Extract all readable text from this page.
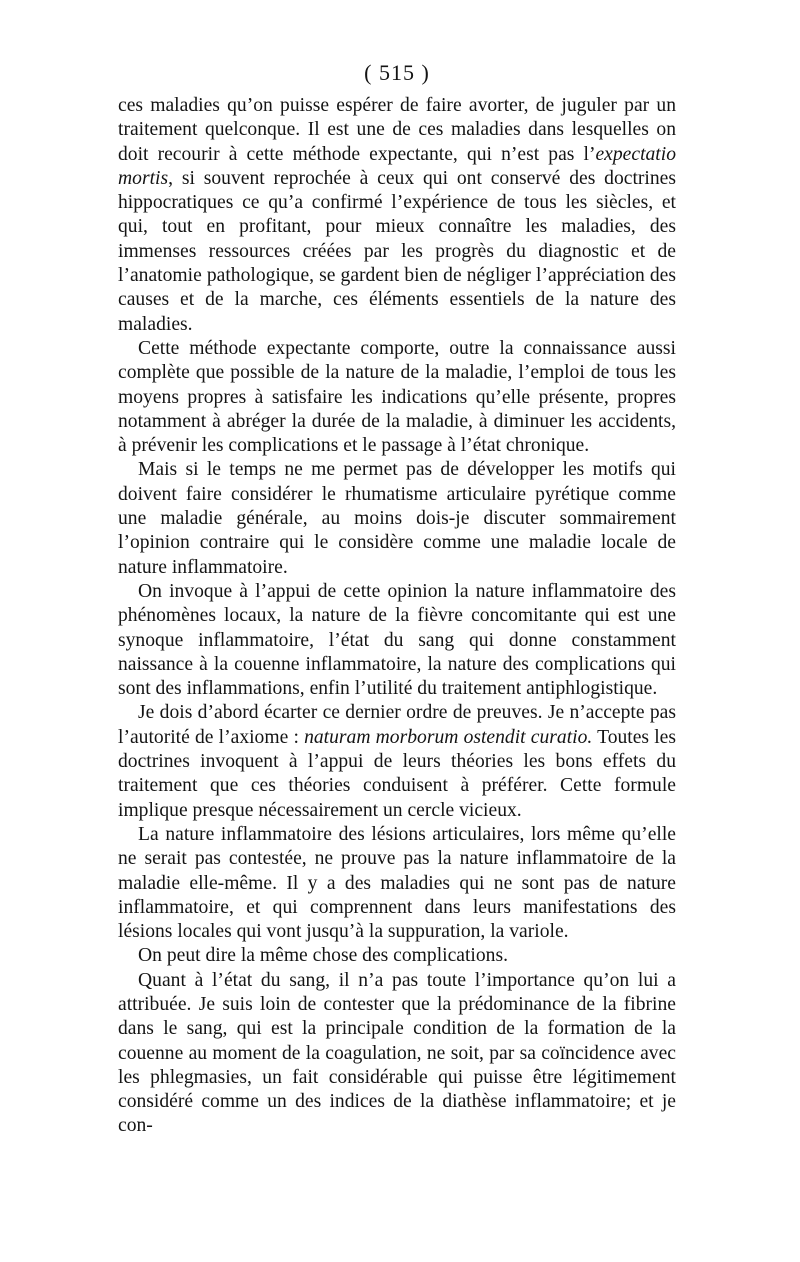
( 515 )

ces maladies qu’on puisse espérer de faire avorter, de juguler par un traitement quelconque. Il est une de ces maladies dans lesquelles on doit recourir à cette méthode expectante, qui n’est pas l’expectatio mortis, si souvent reprochée à ceux qui ont conservé des doctrines hippocratiques ce qu’a confirmé l’expérience de tous les siècles, et qui, tout en profitant, pour mieux connaître les maladies, des immenses ressources créées par les progrès du diagnostic et de l’anatomie pathologique, se gardent bien de négliger l’appréciation des causes et de la marche, ces éléments essentiels de la nature des maladies.

Cette méthode expectante comporte, outre la connaissance aussi complète que possible de la nature de la maladie, l’emploi de tous les moyens propres à satisfaire les indications qu’elle présente, propres notamment à abréger la durée de la maladie, à diminuer les accidents, à prévenir les complications et le passage à l’état chronique.

Mais si le temps ne me permet pas de développer les motifs qui doivent faire considérer le rhumatisme articulaire pyrétique comme une maladie générale, au moins dois-je discuter sommairement l’opinion contraire qui le considère comme une maladie locale de nature inflammatoire.

On invoque à l’appui de cette opinion la nature inflammatoire des phénomènes locaux, la nature de la fièvre concomitante qui est une synoque inflammatoire, l’état du sang qui donne constamment naissance à la couenne inflammatoire, la nature des complications qui sont des inflammations, enfin l’utilité du traitement antiphlogistique.

Je dois d’abord écarter ce dernier ordre de preuves. Je n’accepte pas l’autorité de l’axiome : naturam morborum ostendit curatio. Toutes les doctrines invoquent à l’appui de leurs théories les bons effets du traitement que ces théories conduisent à préférer. Cette formule implique presque nécessairement un cercle vicieux.

La nature inflammatoire des lésions articulaires, lors même qu’elle ne serait pas contestée, ne prouve pas la nature inflammatoire de la maladie elle-même. Il y a des maladies qui ne sont pas de nature inflammatoire, et qui comprennent dans leurs manifestations des lésions locales qui vont jusqu’à la suppuration, la variole.

On peut dire la même chose des complications.

Quant à l’état du sang, il n’a pas toute l’importance qu’on lui a attribuée. Je suis loin de contester que la prédominance de la fibrine dans le sang, qui est la principale condition de la formation de la couenne au moment de la coagulation, ne soit, par sa coïncidence avec les phlegmasies, un fait considérable qui puisse être légitimement considéré comme un des indices de la diathèse inflammatoire; et je con-
